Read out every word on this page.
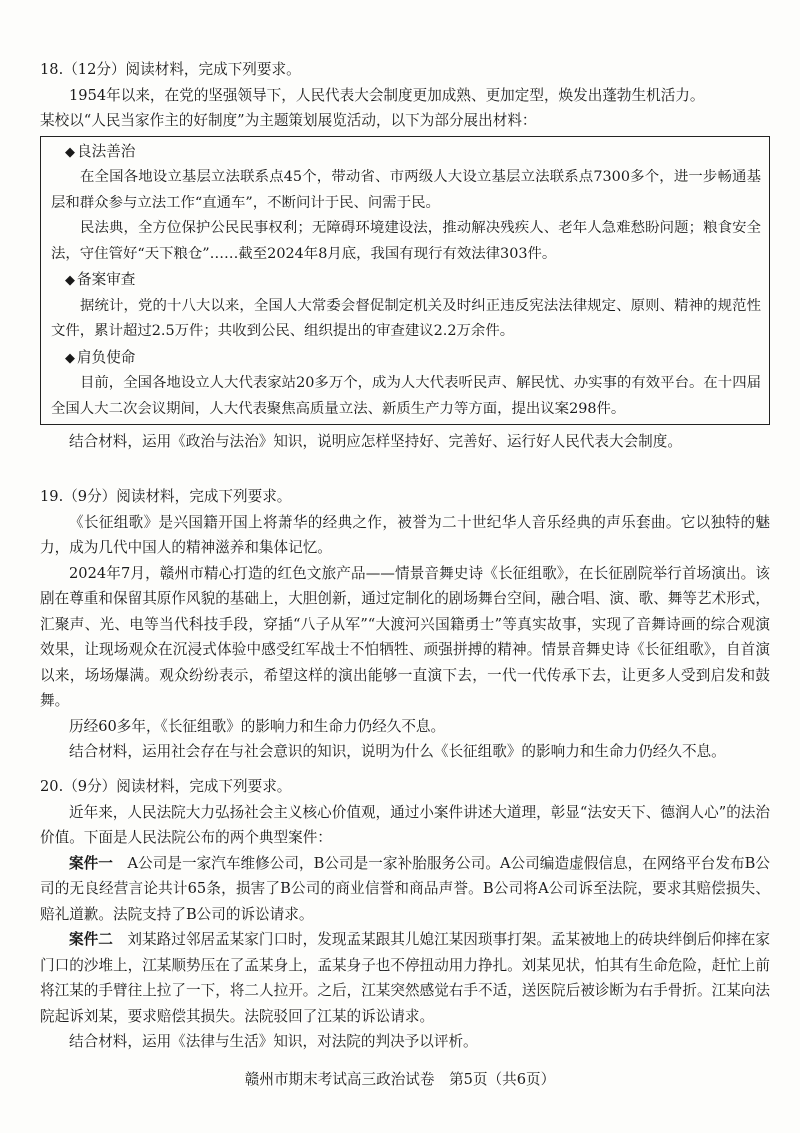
18.（12分）阅读材料，完成下列要求。

1954年以来，在党的坚强领导下，人民代表大会制度更加成熟、更加定型，焕发出蓬勃生机活力。

某校以“人民当家作主的好制度”为主题策划展览活动，以下为部分展出材料：

◆ 良法善治

在全国各地设立基层立法联系点45个，带动省、市两级人大设立基层立法联系点7300多个，进一步畅通基层和群众参与立法工作“直通车”，不断问计于民、问需于民。

民法典，全方位保护公民民事权利；无障碍环境建设法，推动解决残疾人、老年人急难愁盼问题；粮食安全法，守住管好“天下粮仓”……截至2024年8月底，我国有现行有效法律303件。

◆ 备案审查

据统计，党的十八大以来，全国人大常委会督促制定机关及时纠正违反宪法法律规定、原则、精神的规范性文件，累计超过2.5万件；共收到公民、组织提出的审查建议2.2万余件。

◆ 肩负使命

目前，全国各地设立人大代表家站20多万个，成为人大代表听民声、解民忧、办实事的有效平台。在十四届全国人大二次会议期间，人大代表聚焦高质量立法、新质生产力等方面，提出议案298件。

结合材料，运用《政治与法治》知识，说明应怎样坚持好、完善好、运行好人民代表大会制度。

19.（9分）阅读材料，完成下列要求。

《长征组歌》是兴国籍开国上将萧华的经典之作，被誉为二十世纪华人音乐经典的声乐套曲。它以独特的魅力，成为几代中国人的精神滋养和集体记忆。

2024年7月，赣州市精心打造的红色文旅产品——情景音舞史诗《长征组歌》，在长征剧院举行首场演出。该剧在尊重和保留其原作风貌的基础上，大胆创新，通过定制化的剧场舞台空间，融合唱、演、歌、舞等艺术形式，汇聚声、光、电等当代科技手段，穿插“八子从军”“大渡河兴国籍勇士”等真实故事，实现了音舞诗画的综合观演效果，让现场观众在沉浸式体验中感受红军战士不怕牺牲、顽强拼搏的精神。情景音舞史诗《长征组歌》，自首演以来，场场爆满。观众纷纷表示，希望这样的演出能够一直演下去，一代一代传承下去，让更多人受到启发和鼓舞。

历经60多年，《长征组歌》的影响力和生命力仍经久不息。

结合材料，运用社会存在与社会意识的知识，说明为什么《长征组歌》的影响力和生命力仍经久不息。

20.（9分）阅读材料，完成下列要求。

近年来，人民法院大力弘扬社会主义核心价值观，通过小案件讲述大道理，彰显“法安天下、德润人心”的法治价值。下面是人民法院公布的两个典型案件：

案件一　 A公司是一家汽车维修公司，B公司是一家补胎服务公司。A公司编造虚假信息，在网络平台发布B公司的无良经营言论共计65条，损害了B公司的商业信誉和商品声誉。B公司将A公司诉至法院，要求其赔偿损失、赔礼道歉。法院支持了B公司的诉讼请求。

案件二　 刘某路过邻居孟某家门口时，发现孟某跟其儿媳江某因琐事打架。孟某被地上的砖块绊倒后仰摔在家门口的沙堆上，江某顺势压在了孟某身上，孟某身子也不停扭动用力挣扎。刘某见状，怕其有生命危险，赶忙上前将江某的手臂往上拉了一下，将二人拉开。之后，江某突然感觉右手不适，送医院后被诊断为右手骨折。江某向法院起诉刘某，要求赔偿其损失。法院驳回了江某的诉讼请求。

结合材料，运用《法律与生活》知识，对法院的判决予以评析。

赣州市期末考试高三政治试卷　第5页（共6页）
